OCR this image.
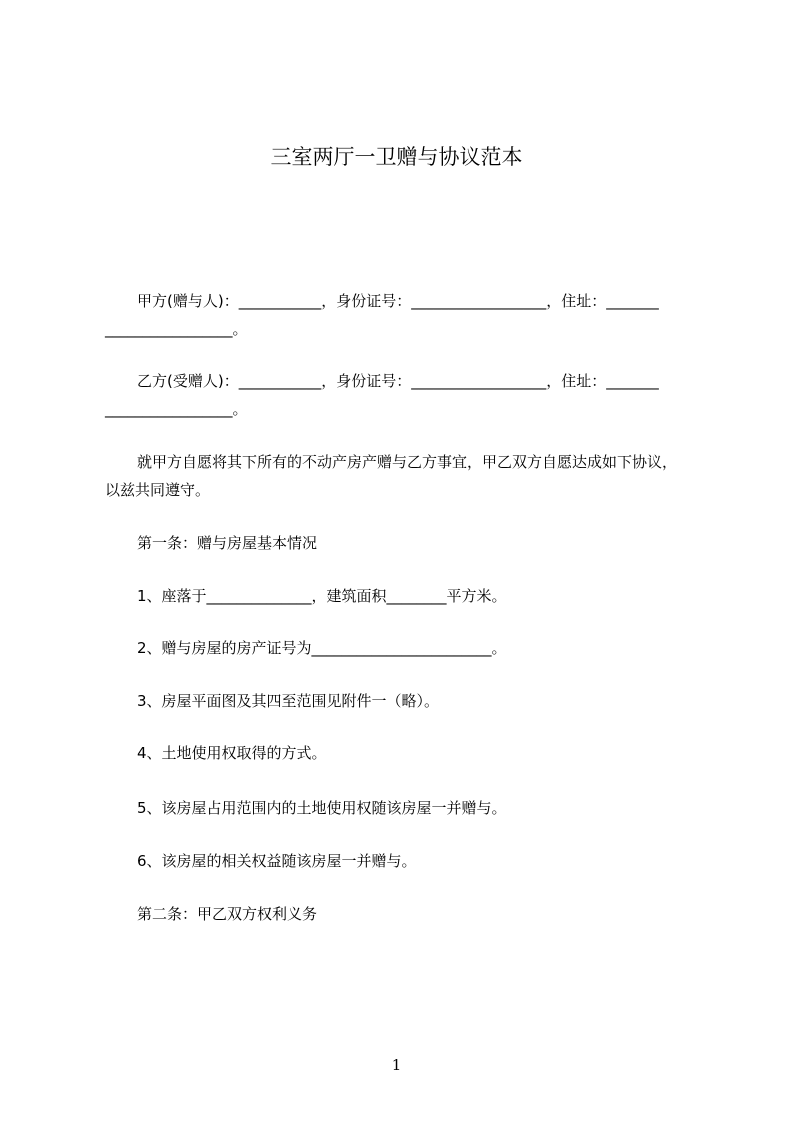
三室两厅一卫赠与协议范本
甲方(赠与人)：___________，身份证号：__________________，住址：_______
_________________。
乙方(受赠人)：___________，身份证号：__________________，住址：_______
_________________。
就甲方自愿将其下所有的不动产房产赠与乙方事宜，甲乙双方自愿达成如下协议，
以兹共同遵守。
第一条：赠与房屋基本情况
1、座落于______________，建筑面积________平方米。
2、赠与房屋的房产证号为________________________。
3、房屋平面图及其四至范围见附件一（略）。
4、土地使用权取得的方式。
5、该房屋占用范围内的土地使用权随该房屋一并赠与。
6、该房屋的相关权益随该房屋一并赠与。
第二条：甲乙双方权利义务
1
